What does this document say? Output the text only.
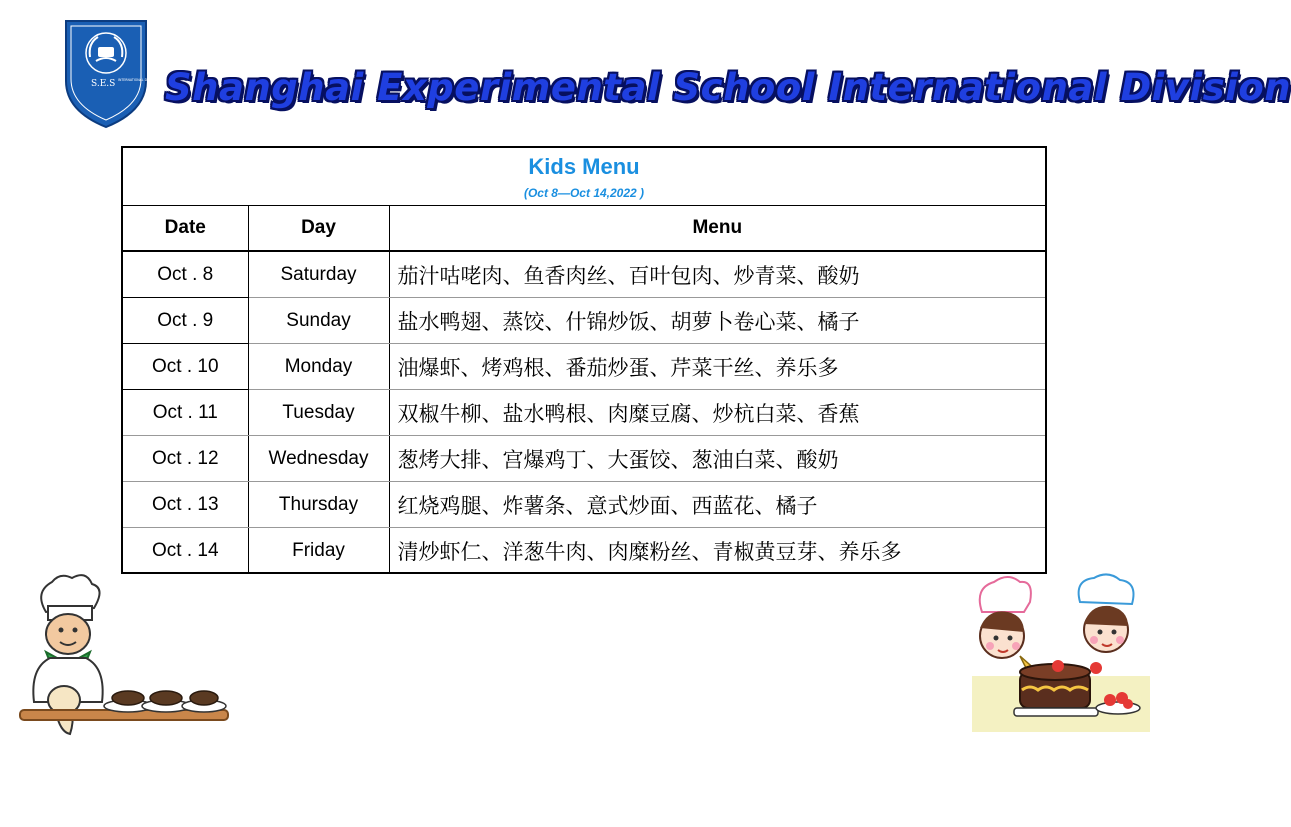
S.E.S INTERNATIONAL DIVISION Shanghai Experimental School International Division
Kids Menu
(Oct 8—Oct 14,2022 )
Date	Day	Menu
Oct . 8	Saturday	茄汁咕咾肉、鱼香肉丝、百叶包肉、炒青菜、酸奶
Oct . 9	Sunday	盐水鸭翅、蒸饺、什锦炒饭、胡萝卜卷心菜、橘子
Oct . 10	Monday	油爆虾、烤鸡根、番茄炒蛋、芹菜干丝、养乐多
Oct . 11	Tuesday	双椒牛柳、盐水鸭根、肉糜豆腐、炒杭白菜、香蕉
Oct . 12	Wednesday	葱烤大排、宫爆鸡丁、大蛋饺、葱油白菜、酸奶
Oct . 13	Thursday	红烧鸡腿、炸薯条、意式炒面、西蓝花、橘子
Oct . 14	Friday	清炒虾仁、洋葱牛肉、肉糜粉丝、青椒黄豆芽、养乐多
